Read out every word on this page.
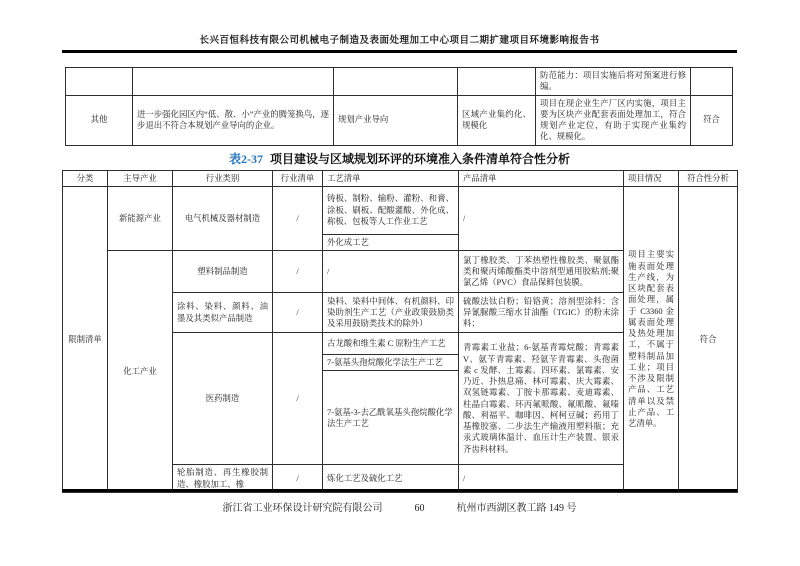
长兴百恒科技有限公司机械电子制造及表面处理加工中心项目二期扩建项目环境影响报告书
				防范能力：项目实施后将对预案进行修编。	
其他	进一步强化园区内“低、散、小”产业的腾笼换鸟，逐步退出不符合本规划产业导向的企业。	规划产业导向	区域产业集约化、规模化	项目在现企业生产厂区内实施，项目主要为区块产业配套表面处理加工，符合规划产业定位，有助于实现产业集约化、规模化。	符合
表2-37 项目建设与区域规划环评的环境准入条件清单符合性分析
分类	主导产业	行业类别	行业清单	工艺清单	产品清单	项目情况	符合性分析
限制清单	新能源产业	电气机械及器材制造	/	铸板、制粉、输粉、灌粉、和膏、涂板、刷板、配酸灌酸、外化成、称板、包板等人工作业工艺	/	项目主要实施表面处理生产线，为区块配套表面处理，属于 C3360 金属表面处理及热处理加工，不属于塑料制品加工业；项目不涉及限制产品、工艺清单以及禁止产品、工艺清单。	符合
				外化成工艺			
	化工产业	塑料制品制造	/	/	氯丁橡胶类、丁苯热塑性橡胶类、聚氨酯类和聚丙烯酸酯类中溶剂型通用胶粘剂;聚氯乙烯（PVC）食品保鲜包装膜。		
		涂料、染料、颜料、油墨及其类似产品制造	/	染料、染料中间体、有机颜料、印染助剂生产工艺（产业政策鼓励类及采用鼓励类技术的除外）	硫酸法钛白粉；铅铬黄；溶剂型涂料：含异氰脲酸三缩水甘油酯（TGIC）的粉末涂料；		
		医药制造	/	古龙酸和维生素 C 原粉生产工艺	青霉素工业盐；6-氨基青霉烷酸；青霉素 V、氨苄青霉素、羟氨苄青霉素、头孢菌素 c 发酵、土霉素、四环素、氯霉素、安乃近、扑热息痛、林可霉素、庆大霉素、双氢链霉素、丁胺卡那霉素、麦迪霉素、柱晶白霉素、环丙氟哌酸、氟哌酸、氟嗪酸、利福平、咖啡因、柯柯豆碱；药用丁基橡胶塞、二步法生产输液用塑料瓶；充汞式玻璃体温计、血压计生产装置、银汞齐齿科材料。		
				7-氨基头孢烷酸化学法生产工艺			
				7-氨基-3-去乙酰氧基头孢烷酸化学法生产工艺			
		轮胎制造、再生橡胶制造、橡胶加工、橡	/	炼化工艺及硫化工艺	/		
浙江省工业环保设计研究院有限公司	60	杭州市西湖区教工路 149 号
